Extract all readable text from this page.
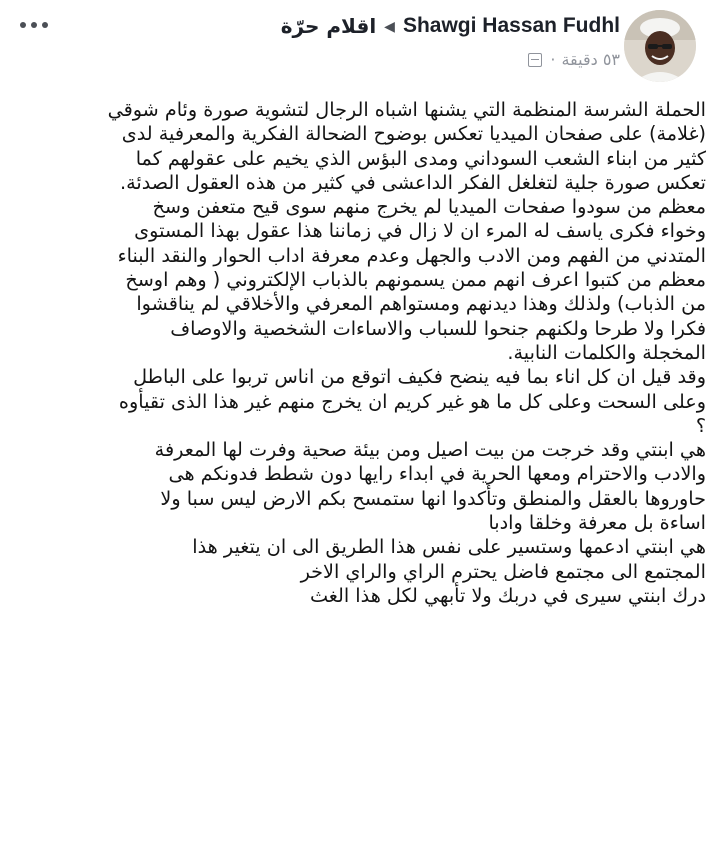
اقلام حرّة ◀ Shawgi Hassan Fudhl
· ٥٣ دقيقة
الحملة الشرسة المنظمة التي يشنها اشباه الرجال لتشوية صورة وئام شوقي
(غلامة) على صفحان الميديا تعكس بوضوح الضحالة الفكرية والمعرفية لدى
كثير من ابناء الشعب السوداني ومدى البؤس الذي يخيم على عقولهم كما
تعكس صورة جلية لتغلغل الفكر الداعشى في كثير من هذه العقول الصدئة.
معظم من سودوا صفحات الميديا لم يخرج منهم سوى قيح متعفن وسخ
وخواء فكرى ياسف له المرء ان لا زال في زماننا هذا عقول بهذا المستوى
المتدني من الفهم ومن الادب والجهل وعدم معرفة اداب الحوار والنقد البناء
معظم من كتبوا اعرف انهم ممن يسمونهم بالذباب الإلكتروني ( وهم اوسخ
من الذباب) ولذلك وهذا ديدنهم ومستواهم المعرفي والأخلاقي لم يناقشوا
فكرا ولا طرحا ولكنهم جنحوا للسباب والاساءات الشخصية والاوصاف
المخجلة والكلمات النابية.
وقد قيل ان كل اناء بما فيه ينضح فكيف اتوقع من اناس تربوا على الباطل
وعلى السحت وعلى كل ما هو غير كريم ان يخرج منهم غير هذا الذى تقيأوه
؟
هي ابنتي وقد خرجت من بيت اصيل ومن بيئة صحية وفرت لها المعرفة
والادب والاحترام ومعها الحرية في ابداء رايها دون شطط فدونكم هى
حاوروها بالعقل والمنطق وتأكدوا انها ستمسح بكم الارض ليس سبا ولا
اساءة بل معرفة وخلقا وادبا
هي ابنتي ادعمها وستسير على نفس هذا الطريق الى ان يتغير هذا
المجتمع الى مجتمع فاضل يحترم الراي والراي الاخر
درك ابنتي سيرى في دربك ولا تأبهي لكل هذا الغث
